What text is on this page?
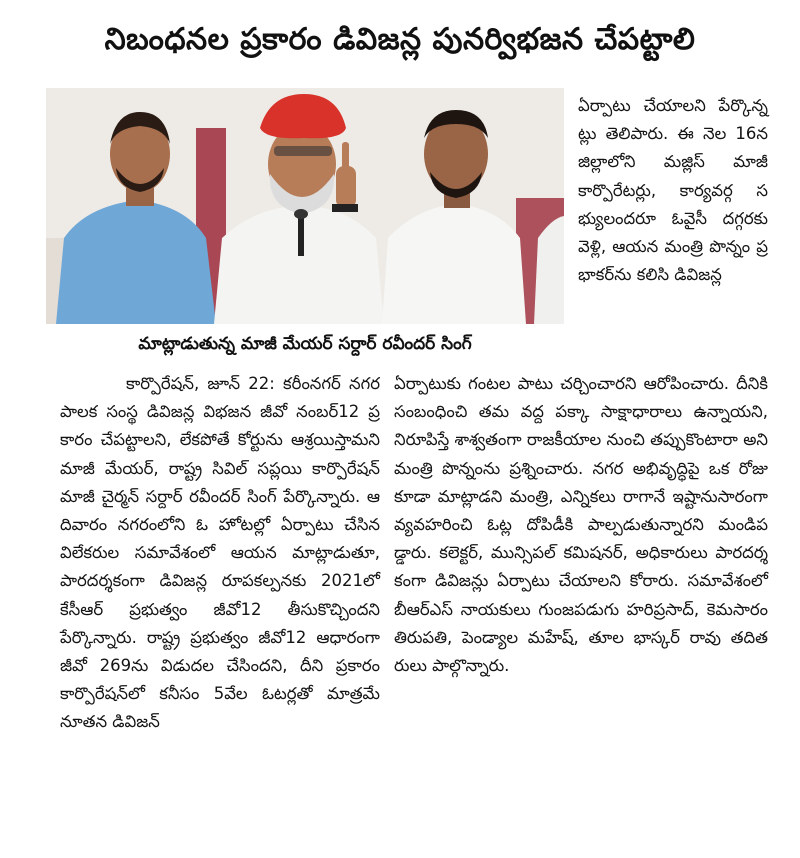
నిబంధనల ప్రకారం డివిజన్ల పునర్విభజన చేపట్టాలి
మాట్లాడుతున్న మాజీ మేయర్ సర్దార్ రవీందర్ సింగ్

ఏర్పాటు చేయాలని పేర్కొన్నట్లు తెలిపారు. ఈ నెల 16న జిల్లాలోని మజ్లిస్ మాజీ కార్పొరేటర్లు, కార్యవర్గ సభ్యులందరూ ఓవైసీ దగ్గరకు వెళ్లి, ఆయన మంత్రి పొన్నం ప్రభాకర్‌ను కలిసి డివిజన్ల

కార్పొరేషన్, జూన్ 22: కరీంనగర్ నగర పాలక సంస్థ డివిజన్ల విభజన జీవో నంబర్12 ప్రకారం చేపట్టాలని, లేకపోతే కోర్టును ఆశ్రయిస్తామని మాజీ మేయర్, రాష్ట్ర సివిల్ సప్లయి కార్పొరేషన్ మాజీ చైర్మన్ సర్దార్ రవీందర్ సింగ్ పేర్కొన్నారు. ఆదివారం నగరంలోని ఓ హోటల్లో ఏర్పాటు చేసిన విలేకరుల సమావేశంలో ఆయన మాట్లాడుతూ, పారదర్శకంగా డివిజన్ల రూపకల్పనకు 2021లో కేసీఆర్ ప్రభుత్వం జీవో12 తీసుకొచ్చిందని పేర్కొన్నారు. రాష్ట్ర ప్రభుత్వం జీవో12 ఆధారంగా జీవో 269ను విడుదల చేసిందని, దీని ప్రకారం కార్పొరేషన్‌లో కనీసం 5వేల ఓటర్లతో మాత్రమే నూతన డివిజన్

ఏర్పాటుకు గంటల పాటు చర్చించారని ఆరోపించారు. దీనికి సంబంధించి తమ వద్ద పక్కా సాక్షాధారాలు ఉన్నాయని, నిరూపిస్తే శాశ్వతంగా రాజకీయాల నుంచి తప్పుకొంటారా అని మంత్రి పొన్నంను ప్రశ్నించారు. నగర అభివృద్ధిపై ఒక రోజు కూడా మాట్లాడని మంత్రి, ఎన్నికలు రాగానే ఇష్టానుసారంగా వ్యవహరించి ఓట్ల దోపిడీకి పాల్పడుతున్నారని మండిపడ్డారు. కలెక్టర్, మున్సిపల్ కమిషనర్, అధికారులు పారదర్శకంగా డివిజన్లు ఏర్పాటు చేయాలని కోరారు. సమావేశంలో బీఆర్ఎస్ నాయకులు గుంజపడుగు హరిప్రసాద్, కెమసారం తిరుపతి, పెండ్యాల మహేష్, తూల భాస్కర్ రావు తదితరులు పాల్గొన్నారు.
